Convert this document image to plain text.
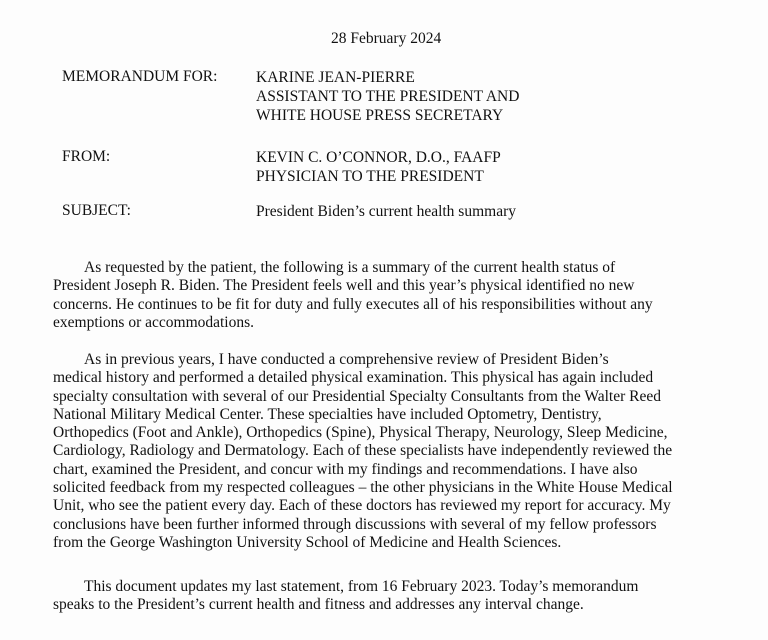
28 February 2024
MEMORANDUM FOR: KARINE JEAN-PIERRE
ASSISTANT TO THE PRESIDENT AND
WHITE HOUSE PRESS SECRETARY
FROM:	KEVIN C. O’CONNOR, D.O., FAAFP
PHYSICIAN TO THE PRESIDENT
SUBJECT:	President Biden’s current health summary

As requested by the patient, the following is a summary of the current health status of
President Joseph R. Biden. The President feels well and this year’s physical identified no new
concerns. He continues to be fit for duty and fully executes all of his responsibilities without any
exemptions or accommodations.

As in previous years, I have conducted a comprehensive review of President Biden’s
medical history and performed a detailed physical examination. This physical has again included
specialty consultation with several of our Presidential Specialty Consultants from the Walter Reed
National Military Medical Center. These specialties have included Optometry, Dentistry,
Orthopedics (Foot and Ankle), Orthopedics (Spine), Physical Therapy, Neurology, Sleep Medicine,
Cardiology, Radiology and Dermatology. Each of these specialists have independently reviewed the
chart, examined the President, and concur with my findings and recommendations. I have also
solicited feedback from my respected colleagues – the other physicians in the White House Medical
Unit, who see the patient every day. Each of these doctors has reviewed my report for accuracy. My
conclusions have been further informed through discussions with several of my fellow professors
from the George Washington University School of Medicine and Health Sciences.

This document updates my last statement, from 16 February 2023. Today’s memorandum
speaks to the President’s current health and fitness and addresses any interval change.
